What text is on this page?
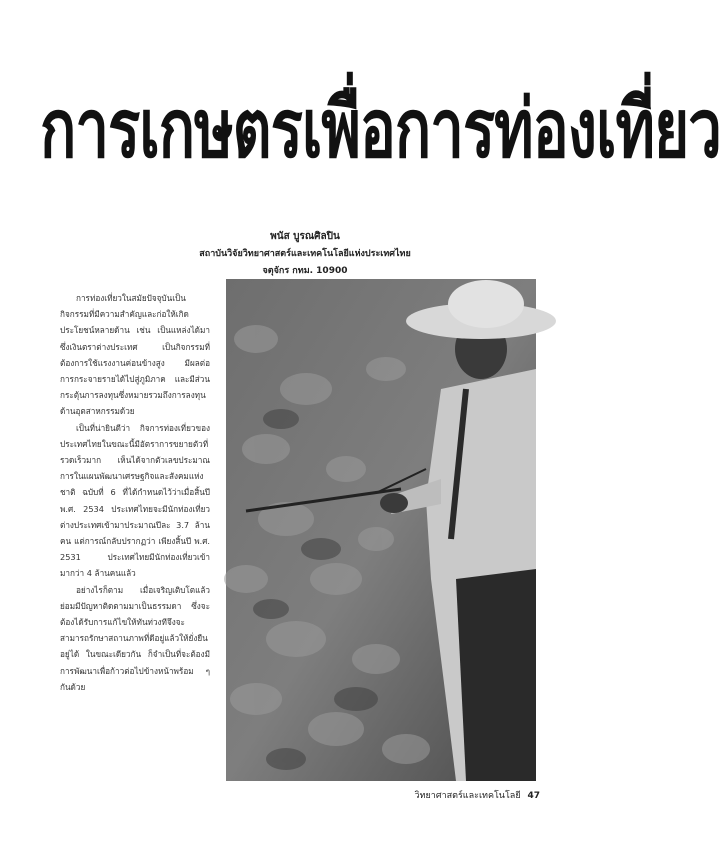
การเกษตรเพื่อการท่องเที่ยว
พนัส บูรณศิลปิน
สถาบันวิจัยวิทยาศาสตร์และเทคโนโลยีแห่งประเทศไทย
จตุจักร กทม. 10900

การท่องเที่ยวในสมัยปัจจุบันเป็นกิจกรรมที่มีความสำคัญและก่อให้เกิดประโยชน์หลายด้าน เช่น เป็นแหล่งได้มาซึ่งเงินตราต่างประเทศ เป็นกิจกรรมที่ต้องการใช้แรงงานค่อนข้างสูง มีผลต่อการกระจายรายได้ไปสู่ภูมิภาค และมีส่วนกระตุ้นการลงทุนซึ่งหมายรวมถึงการลงทุนด้านอุตสาหกรรมด้วย

เป็นที่น่ายินดีว่า กิจการท่องเที่ยวของประเทศไทยในขณะนี้มีอัตราการขยายตัวที่รวดเร็วมาก เห็นได้จากตัวเลขประมาณการในแผนพัฒนาเศรษฐกิจและสังคมแห่งชาติ ฉบับที่ 6 ที่ได้กำหนดไว้ว่าเมื่อสิ้นปี พ.ศ. 2534 ประเทศไทยจะมีนักท่องเที่ยวต่างประเทศเข้ามาประมาณปีละ 3.7 ล้านคน แต่การณ์กลับปรากฏว่า เพียงสิ้นปี พ.ศ. 2531 ประเทศไทยมีนักท่องเที่ยวเข้ามากว่า 4 ล้านคนแล้ว

อย่างไรก็ตาม เมื่อเจริญเติบโตแล้ว ย่อมมีปัญหาติดตามมาเป็นธรรมดา ซึ่งจะต้องได้รับการแก้ไขให้ทันท่วงทีจึงจะสามารถรักษาสถานภาพที่ดีอยู่แล้วให้ยั่งยืนอยู่ได้ ในขณะเดียวกัน ก็จำเป็นที่จะต้องมีการพัฒนาเพื่อก้าวต่อไปข้างหน้าพร้อม ๆ กันด้วย

วิทยาศาสตร์และเทคโนโลยี 47
